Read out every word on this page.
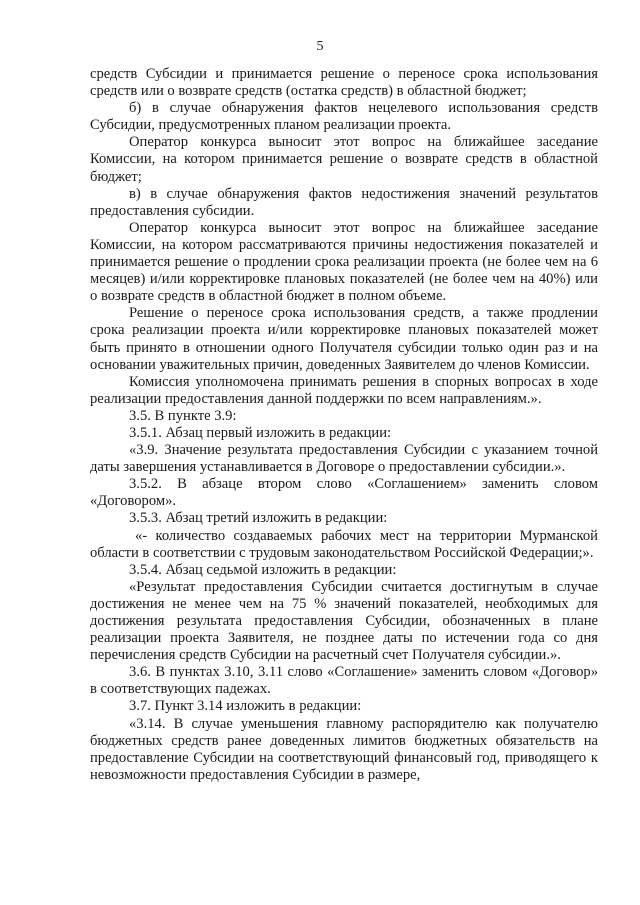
5

средств Субсидии и принимается решение о переносе срока использования средств или о возврате средств (остатка средств) в областной бюджет;

б) в случае обнаружения фактов нецелевого использования средств Субсидии, предусмотренных планом реализации проекта.

Оператор конкурса выносит этот вопрос на ближайшее заседание Комиссии, на котором принимается решение о возврате средств в областной бюджет;

в) в случае обнаружения фактов недостижения значений результатов предоставления субсидии.

Оператор конкурса выносит этот вопрос на ближайшее заседание Комиссии, на котором рассматриваются причины недостижения показателей и принимается решение о продлении срока реализации проекта (не более чем на 6 месяцев) и/или корректировке плановых показателей (не более чем на 40%) или о возврате средств в областной бюджет в полном объеме.

Решение о переносе срока использования средств, а также продлении срока реализации проекта и/или корректировке плановых показателей может быть принято в отношении одного Получателя субсидии только один раз и на основании уважительных причин, доведенных Заявителем до членов Комиссии.

Комиссия уполномочена принимать решения в спорных вопросах в ходе реализации предоставления данной поддержки по всем направлениям.».

3.5. В пункте 3.9:

3.5.1. Абзац первый изложить в редакции:

«3.9. Значение результата предоставления Субсидии с указанием точной даты завершения устанавливается в Договоре о предоставлении субсидии.».

3.5.2. В абзаце втором слово «Соглашением» заменить словом «Договором».

3.5.3. Абзац третий изложить в редакции:

«- количество создаваемых рабочих мест на территории Мурманской области в соответствии с трудовым законодательством Российской Федерации;».

3.5.4. Абзац седьмой изложить в редакции:

«Результат предоставления Субсидии считается достигнутым в случае достижения не менее чем на 75 % значений показателей, необходимых для достижения результата предоставления Субсидии, обозначенных в плане реализации проекта Заявителя, не позднее даты по истечении года со дня перечисления средств Субсидии на расчетный счет Получателя субсидии.».

3.6. В пунктах 3.10, 3.11 слово «Соглашение» заменить словом «Договор» в соответствующих падежах.

3.7. Пункт 3.14 изложить в редакции:

«3.14. В случае уменьшения главному распорядителю как получателю бюджетных средств ранее доведенных лимитов бюджетных обязательств на предоставление Субсидии на соответствующий финансовый год, приводящего к невозможности предоставления Субсидии в размере,
